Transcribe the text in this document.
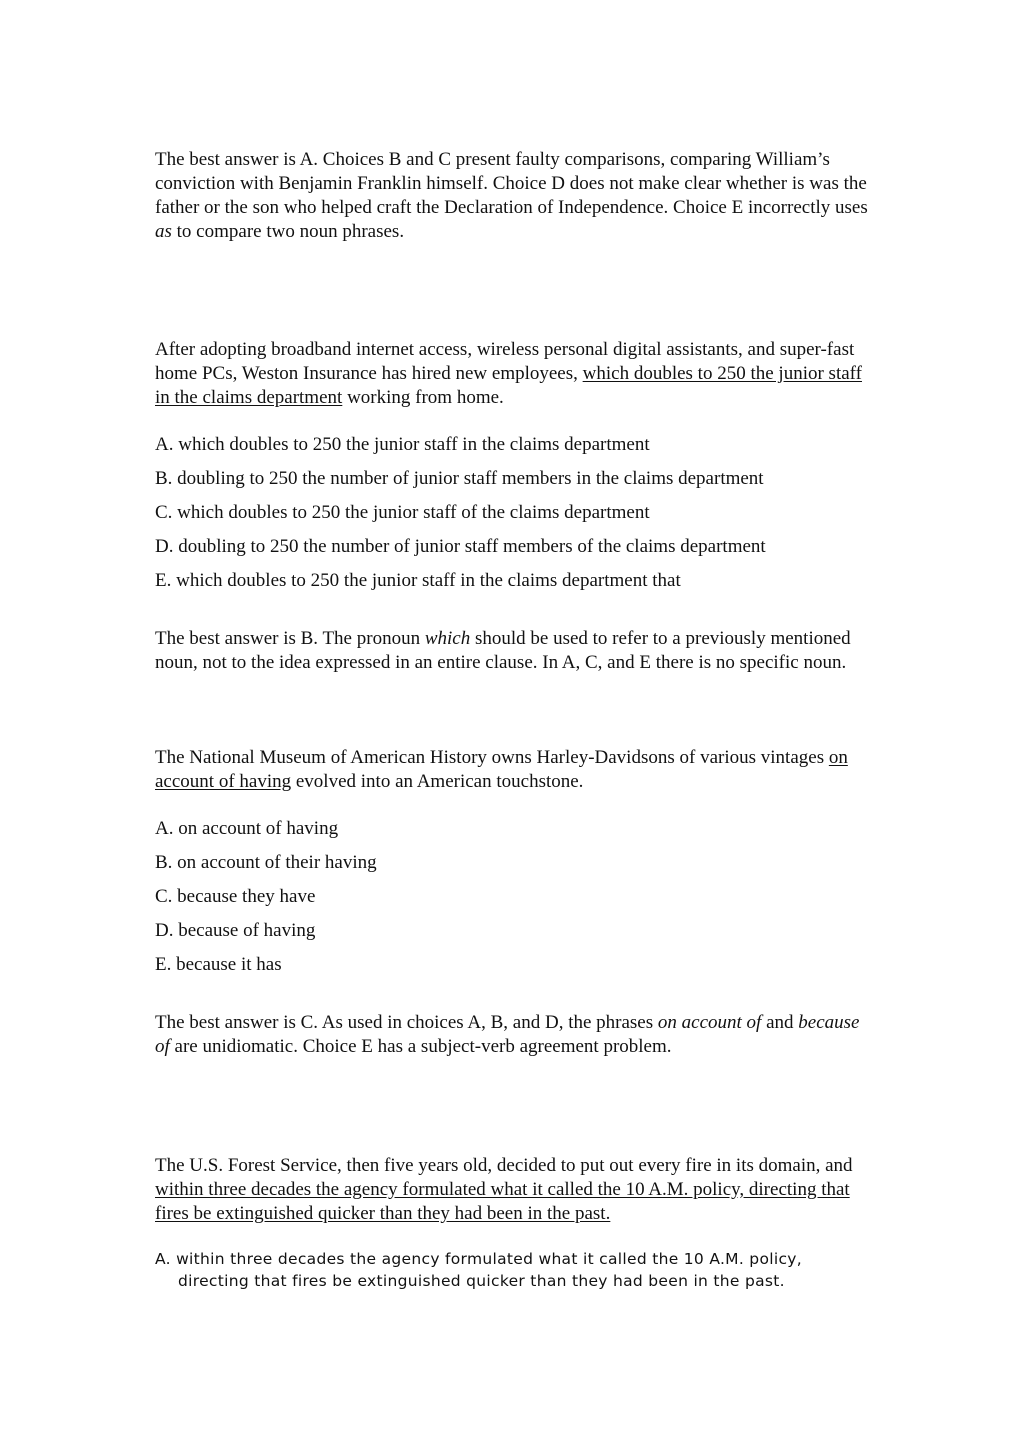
The best answer is A. Choices B and C present faulty comparisons, comparing William’s conviction with Benjamin Franklin himself. Choice D does not make clear whether is was the father or the son who helped craft the Declaration of Independence. Choice E incorrectly uses as to compare two noun phrases.

After adopting broadband internet access, wireless personal digital assistants, and super-fast home PCs, Weston Insurance has hired new employees, which doubles to 250 the junior staff in the claims department working from home.

A. which doubles to 250 the junior staff in the claims department

B. doubling to 250 the number of junior staff members in the claims department

C. which doubles to 250 the junior staff of the claims department

D. doubling to 250 the number of junior staff members of the claims department

E. which doubles to 250 the junior staff in the claims department that

The best answer is B. The pronoun which should be used to refer to a previously mentioned noun, not to the idea expressed in an entire clause. In A, C, and E there is no specific noun.

The National Museum of American History owns Harley-Davidsons of various vintages on account of having evolved into an American touchstone.

A. on account of having

B. on account of their having

C. because they have

D. because of having

E. because it has

The best answer is C. As used in choices A, B, and D, the phrases on account of and because of are unidiomatic. Choice E has a subject-verb agreement problem.

The U.S. Forest Service, then five years old, decided to put out every fire in its domain, and within three decades the agency formulated what it called the 10 A.M. policy, directing that fires be extinguished quicker than they had been in the past.

A. within three decades the agency formulated what it called the 10 A.M. policy,
directing that fires be extinguished quicker than they had been in the past.
